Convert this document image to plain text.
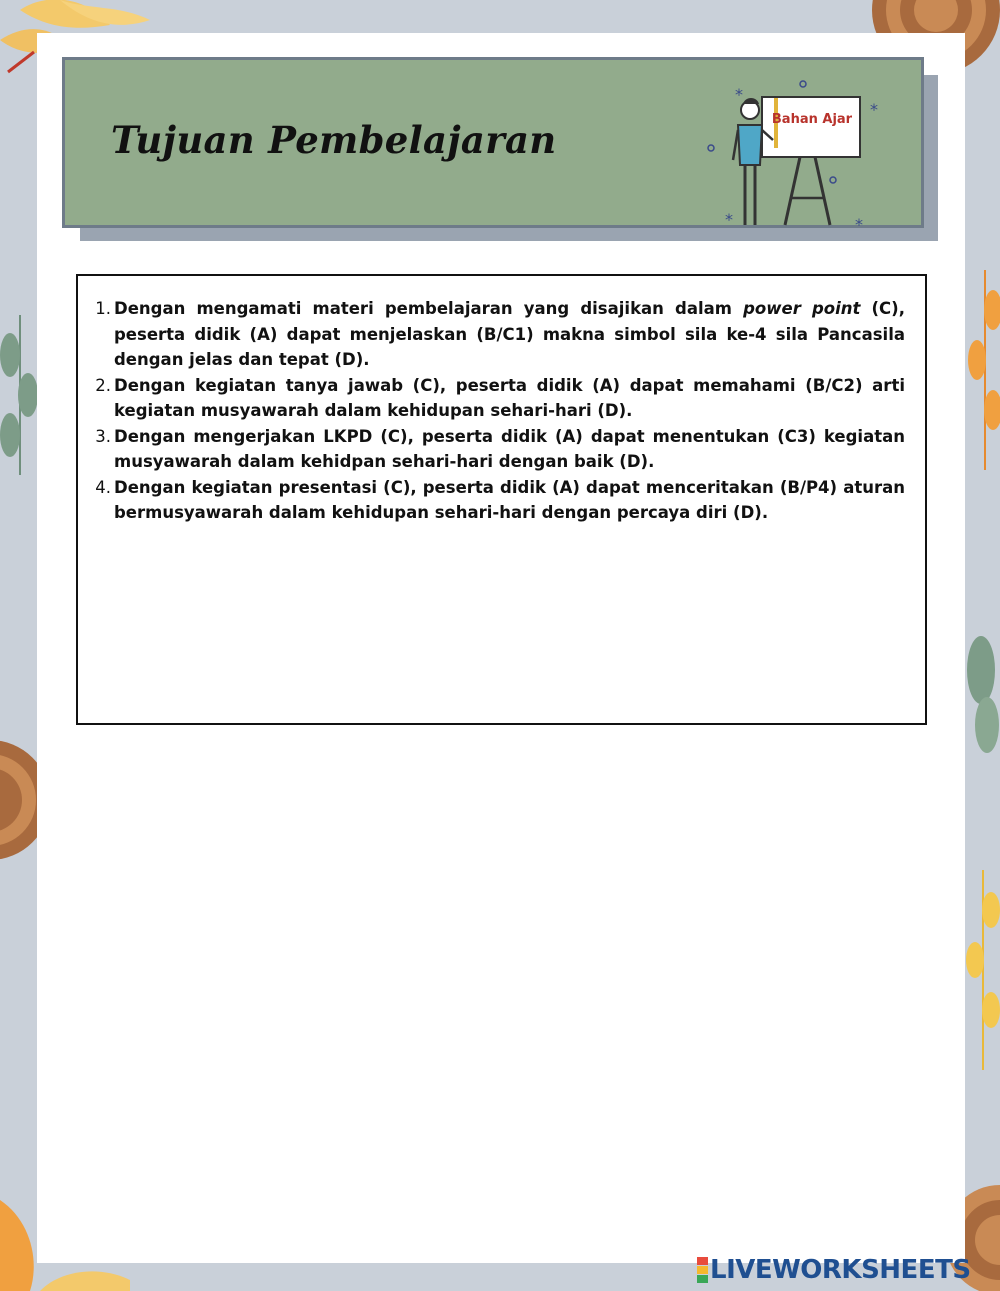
Tujuan Pembelajaran
*
*
*	*
Bahan Ajar
1. Dengan mengamati materi pembelajaran yang disajikan dalam power point (C), peserta didik (A) dapat menjelaskan (B/C1) makna simbol sila ke-4 sila Pancasila dengan jelas dan tepat (D).
2. Dengan kegiatan tanya jawab (C), peserta didik (A) dapat memahami (B/C2) arti kegiatan musyawarah dalam kehidupan sehari-hari (D).
3. Dengan mengerjakan LKPD (C), peserta didik (A) dapat menentukan (C3) kegiatan musyawarah dalam kehidpan sehari-hari dengan baik (D).
4. Dengan kegiatan presentasi (C), peserta didik (A) dapat menceritakan (B/P4) aturan bermusyawarah dalam kehidupan sehari-hari dengan percaya diri (D).
LIVEWORKSHEETS
